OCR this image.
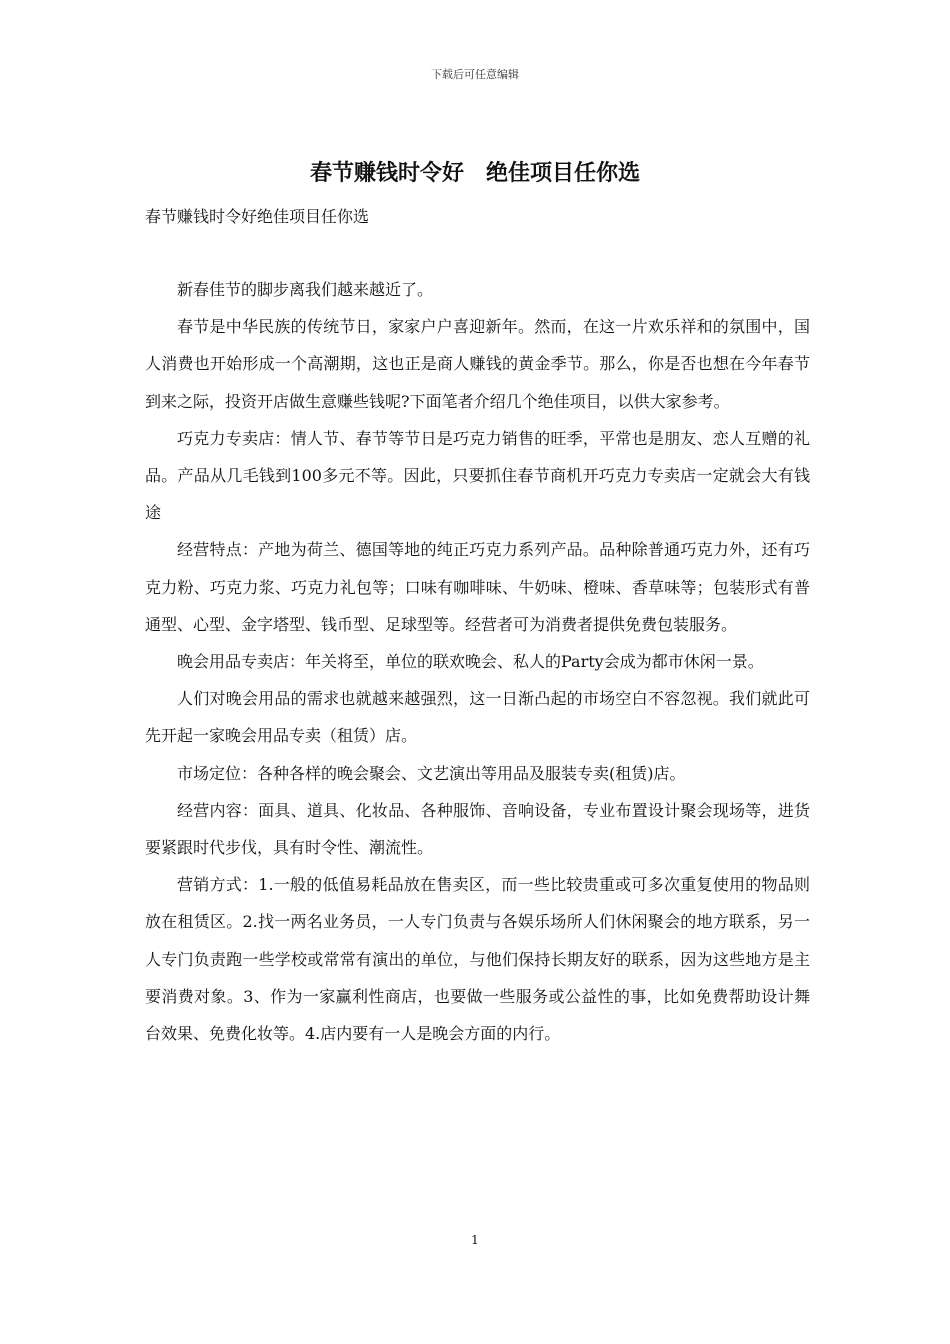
下载后可任意编辑
春节赚钱时令好　绝佳项目任你选
春节赚钱时令好绝佳项目任你选

新春佳节的脚步离我们越来越近了。

春节是中华民族的传统节日，家家户户喜迎新年。然而，在这一片欢乐祥和的氛围中，国人消费也开始形成一个高潮期，这也正是商人赚钱的黄金季节。那么，你是否也想在今年春节到来之际，投资开店做生意赚些钱呢?下面笔者介绍几个绝佳项目，以供大家参考。

巧克力专卖店：情人节、春节等节日是巧克力销售的旺季，平常也是朋友、恋人互赠的礼品。产品从几毛钱到100多元不等。因此，只要抓住春节商机开巧克力专卖店一定就会大有钱途

经营特点：产地为荷兰、德国等地的纯正巧克力系列产品。品种除普通巧克力外，还有巧克力粉、巧克力浆、巧克力礼包等；口味有咖啡味、牛奶味、橙味、香草味等；包装形式有普通型、心型、金字塔型、钱币型、足球型等。经营者可为消费者提供免费包装服务。

晚会用品专卖店：年关将至，单位的联欢晚会、私人的Party会成为都市休闲一景。

人们对晚会用品的需求也就越来越强烈，这一日渐凸起的市场空白不容忽视。我们就此可先开起一家晚会用品专卖（租赁）店。

市场定位：各种各样的晚会聚会、文艺演出等用品及服装专卖(租赁)店。

经营内容：面具、道具、化妆品、各种服饰、音响设备，专业布置设计聚会现场等，进货要紧跟时代步伐，具有时令性、潮流性。

营销方式：1.一般的低值易耗品放在售卖区，而一些比较贵重或可多次重复使用的物品则放在租赁区。2.找一两名业务员，一人专门负责与各娱乐场所人们休闲聚会的地方联系，另一人专门负责跑一些学校或常常有演出的单位，与他们保持长期友好的联系，因为这些地方是主要消费对象。3、作为一家赢利性商店，也要做一些服务或公益性的事，比如免费帮助设计舞台效果、免费化妆等。4.店内要有一人是晚会方面的内行。

1
